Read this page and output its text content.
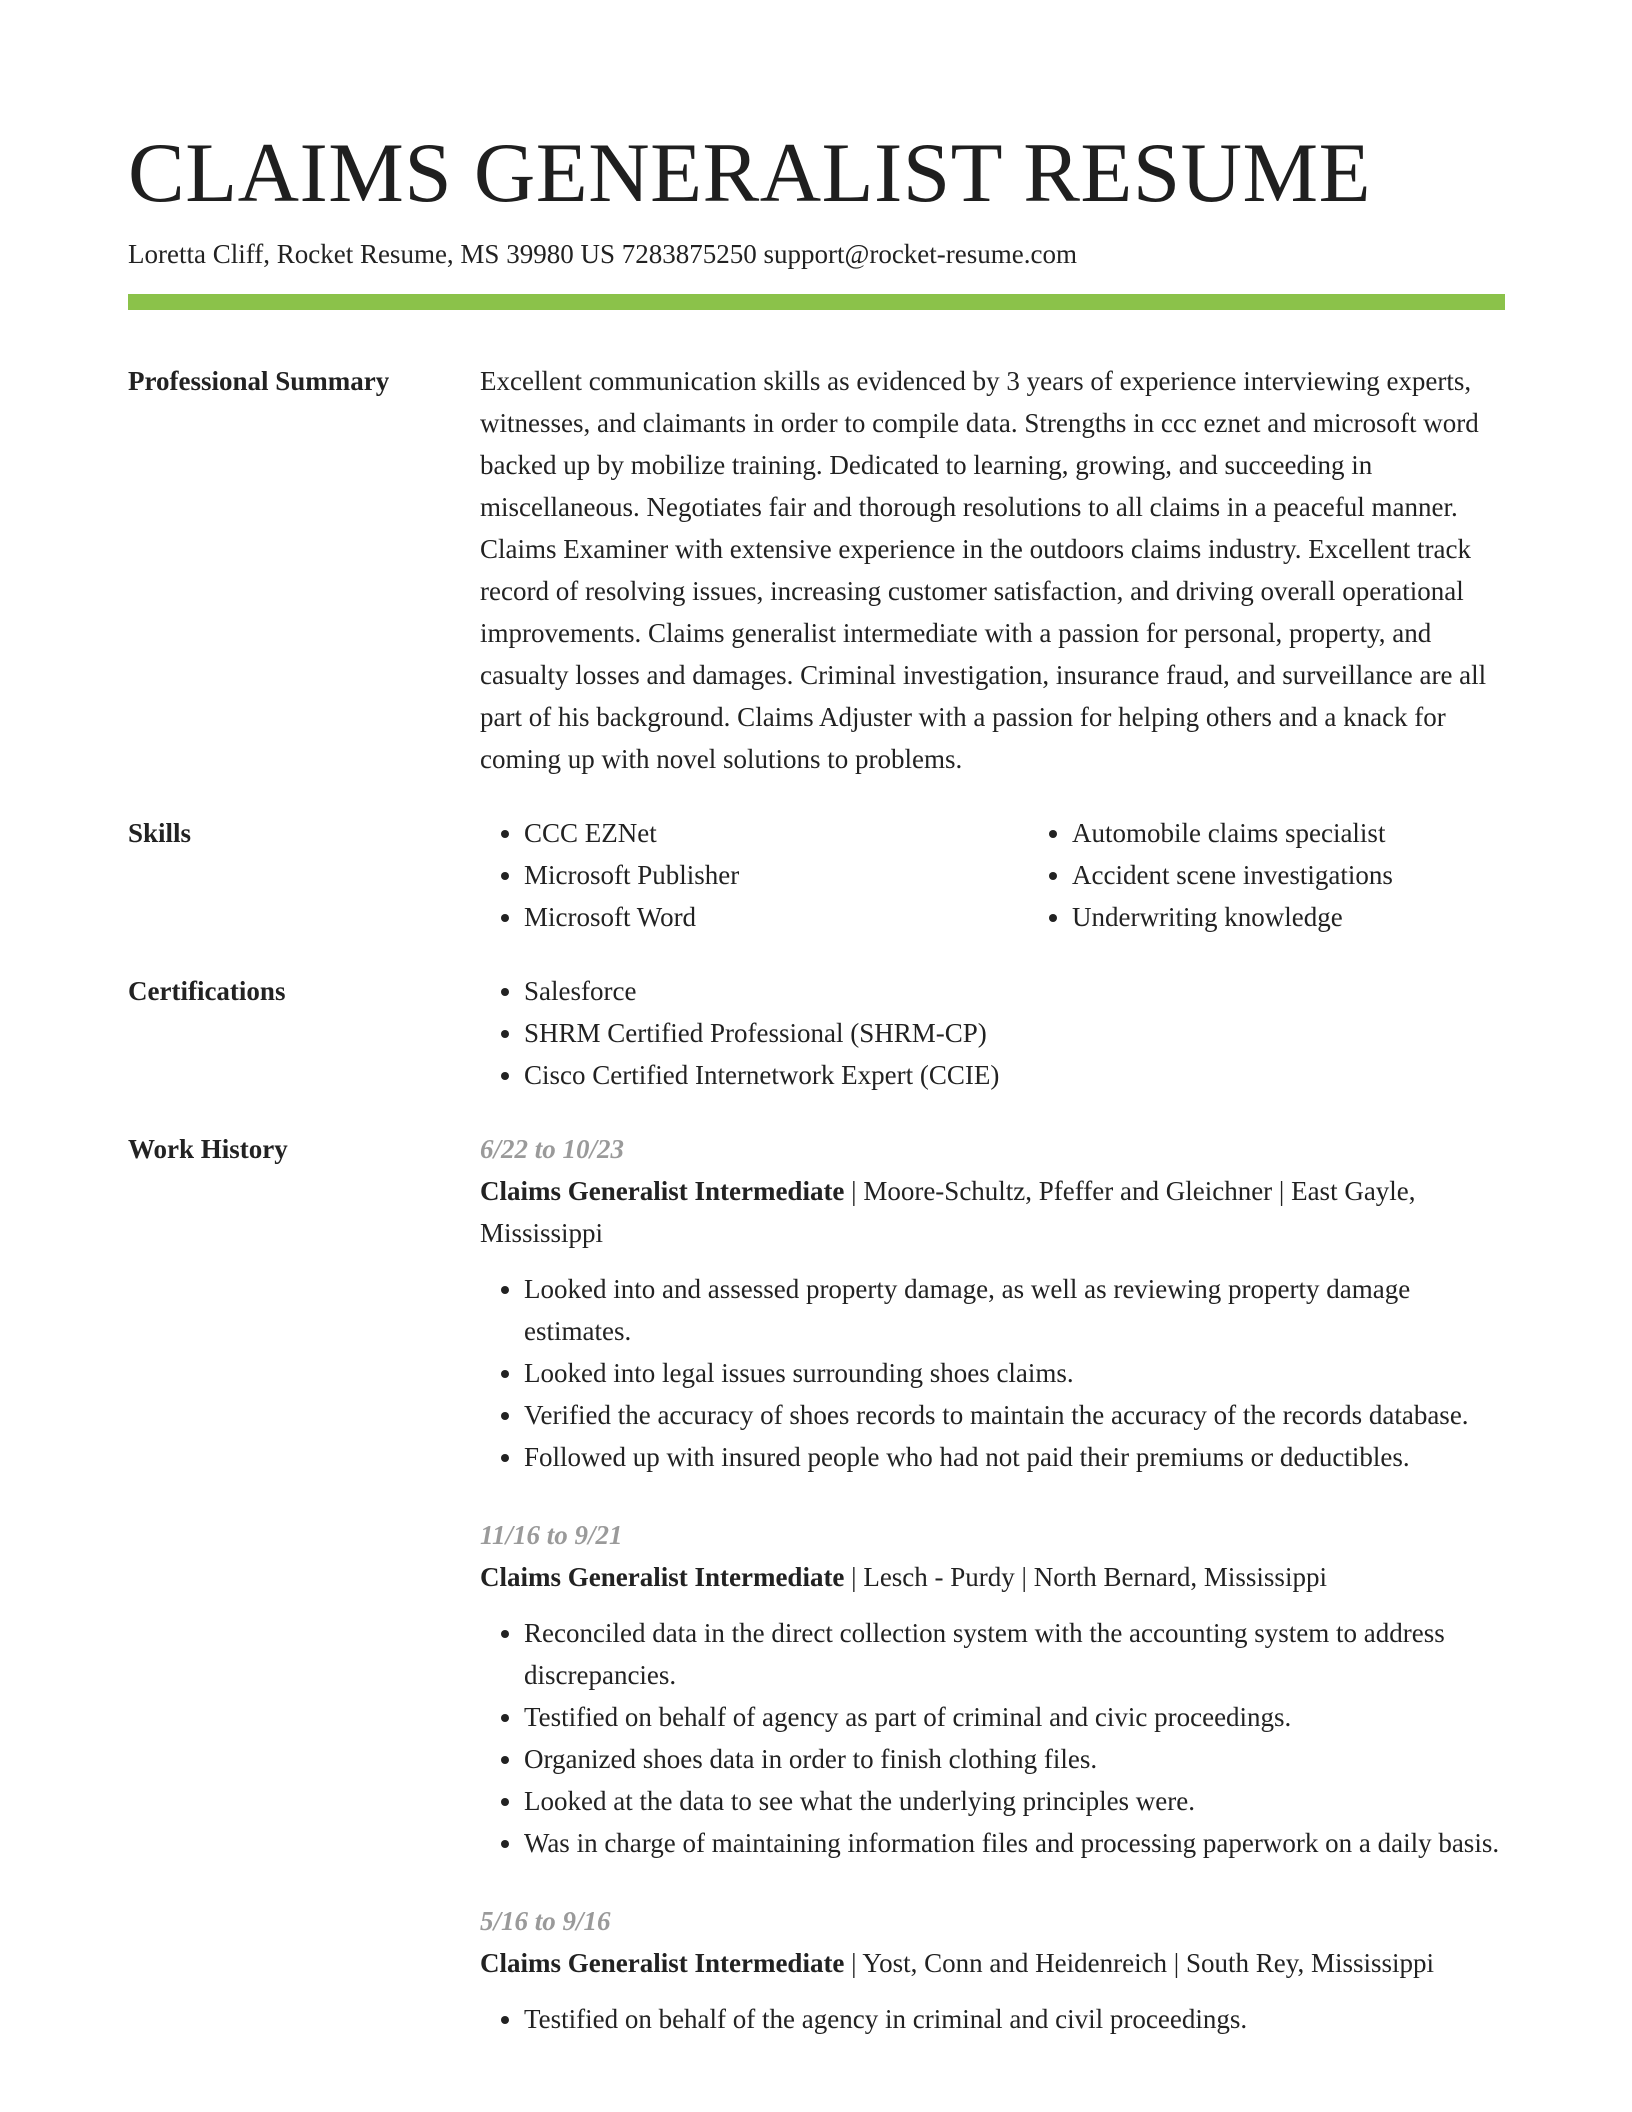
CLAIMS GENERALIST RESUME
Loretta Cliff, Rocket Resume, MS 39980 US 7283875250 support@rocket-resume.com
Professional Summary	Excellent communication skills as evidenced by 3 years of experience interviewing experts, witnesses, and claimants in order to compile data. Strengths in ccc eznet and microsoft word backed up by mobilize training. Dedicated to learning, growing, and succeeding in miscellaneous. Negotiates fair and thorough resolutions to all claims in a peaceful manner. Claims Examiner with extensive experience in the outdoors claims industry. Excellent track record of resolving issues, increasing customer satisfaction, and driving overall operational improvements. Claims generalist intermediate with a passion for personal, property, and casualty losses and damages. Criminal investigation, insurance fraud, and surveillance are all part of his background. Claims Adjuster with a passion for helping others and a knack for coming up with novel solutions to problems.
Skills	• CCC EZNet
• Microsoft Publisher
• Microsoft Word
• Automobile claims specialist
• Accident scene investigations
• Underwriting knowledge
Certifications	• Salesforce
• SHRM Certified Professional (SHRM-CP)
• Cisco Certified Internetwork Expert (CCIE)
Work History	6/22 to 10/23
Claims Generalist Intermediate | Moore-Schultz, Pfeffer and Gleichner | East Gayle, Mississippi
• Looked into and assessed property damage, as well as reviewing property damage estimates.
• Looked into legal issues surrounding shoes claims.
• Verified the accuracy of shoes records to maintain the accuracy of the records database.
• Followed up with insured people who had not paid their premiums or deductibles.
11/16 to 9/21
Claims Generalist Intermediate | Lesch - Purdy | North Bernard, Mississippi
• Reconciled data in the direct collection system with the accounting system to address discrepancies.
• Testified on behalf of agency as part of criminal and civic proceedings.
• Organized shoes data in order to finish clothing files.
• Looked at the data to see what the underlying principles were.
• Was in charge of maintaining information files and processing paperwork on a daily basis.
5/16 to 9/16
Claims Generalist Intermediate | Yost, Conn and Heidenreich | South Rey, Mississippi
• Testified on behalf of the agency in criminal and civil proceedings.
